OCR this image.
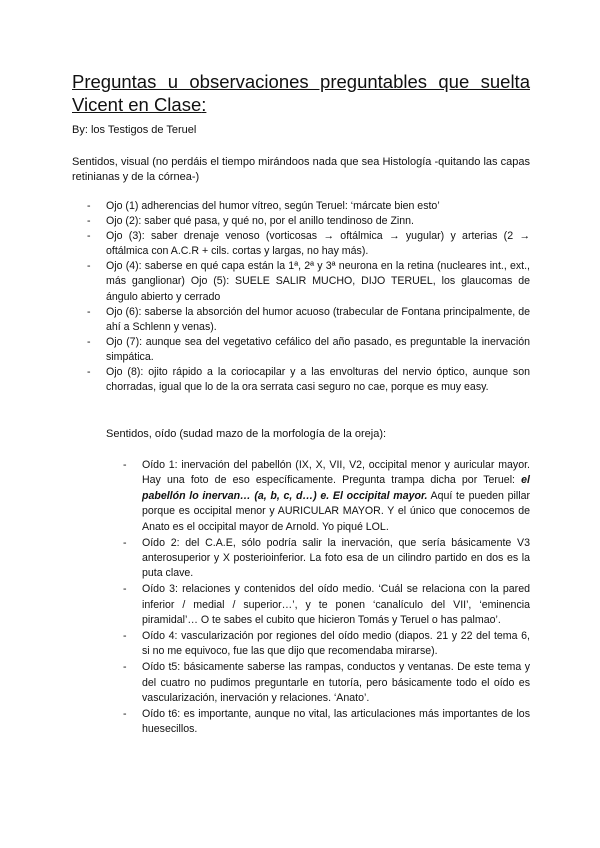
Preguntas u observaciones preguntables que suelta Vicent en Clase:
By: los Testigos de Teruel

Sentidos, visual (no perdáis el tiempo mirándoos nada que sea Histología -quitando las capas retinianas y de la córnea-)

- Ojo (1) adherencias del humor vítreo, según Teruel: ‘márcate bien esto’
- Ojo (2): saber qué pasa, y qué no, por el anillo tendinoso de Zinn.
- Ojo (3): saber drenaje venoso (vorticosas → oftálmica → yugular) y arterias (2 → oftálmica con A.C.R + cils. cortas y largas, no hay más).
- Ojo (4): saberse en qué capa están la 1ª, 2ª y 3ª neurona en la retina (nucleares int., ext., más ganglionar) Ojo (5): SUELE SALIR MUCHO, DIJO TERUEL, los glaucomas de ángulo abierto y cerrado
- Ojo (6): saberse la absorción del humor acuoso (trabecular de Fontana principalmente, de ahí a Schlenn y venas).
- Ojo (7): aunque sea del vegetativo cefálico del año pasado, es preguntable la inervación simpática.
- Ojo (8): ojito rápido a la coriocapilar y a las envolturas del nervio óptico, aunque son chorradas, igual que lo de la ora serrata casi seguro no cae, porque es muy easy.
Sentidos, oído (sudad mazo de la morfología de la oreja):
- Oído 1: inervación del pabellón (IX, X, VII, V2, occipital menor y auricular mayor. Hay una foto de eso específicamente. Pregunta trampa dicha por Teruel: el pabellón lo inervan… (a, b, c, d…) e. El occipital mayor. Aquí te pueden pillar porque es occipital menor y AURICULAR MAYOR. Y el único que conocemos de Anato es el occipital mayor de Arnold. Yo piqué LOL.
- Oído 2: del C.A.E, sólo podría salir la inervación, que sería básicamente V3 anterosuperior y X posterioinferior. La foto esa de un cilindro partido en dos es la puta clave.
- Oído 3: relaciones y contenidos del oído medio. ‘Cuál se relaciona con la pared inferior / medial / superior…’, y te ponen ‘canalículo del VII’, ‘eminencia piramidal’… O te sabes el cubito que hicieron Tomás y Teruel o has palmao’.
- Oído 4: vascularización por regiones del oído medio (diapos. 21 y 22 del tema 6, si no me equivoco, fue las que dijo que recomendaba mirarse).
- Oído t5: básicamente saberse las rampas, conductos y ventanas. De este tema y del cuatro no pudimos preguntarle en tutoría, pero básicamente todo el oído es vascularización, inervación y relaciones. ‘Anato’.
- Oído t6: es importante, aunque no vital, las articulaciones más importantes de los huesecillos.
